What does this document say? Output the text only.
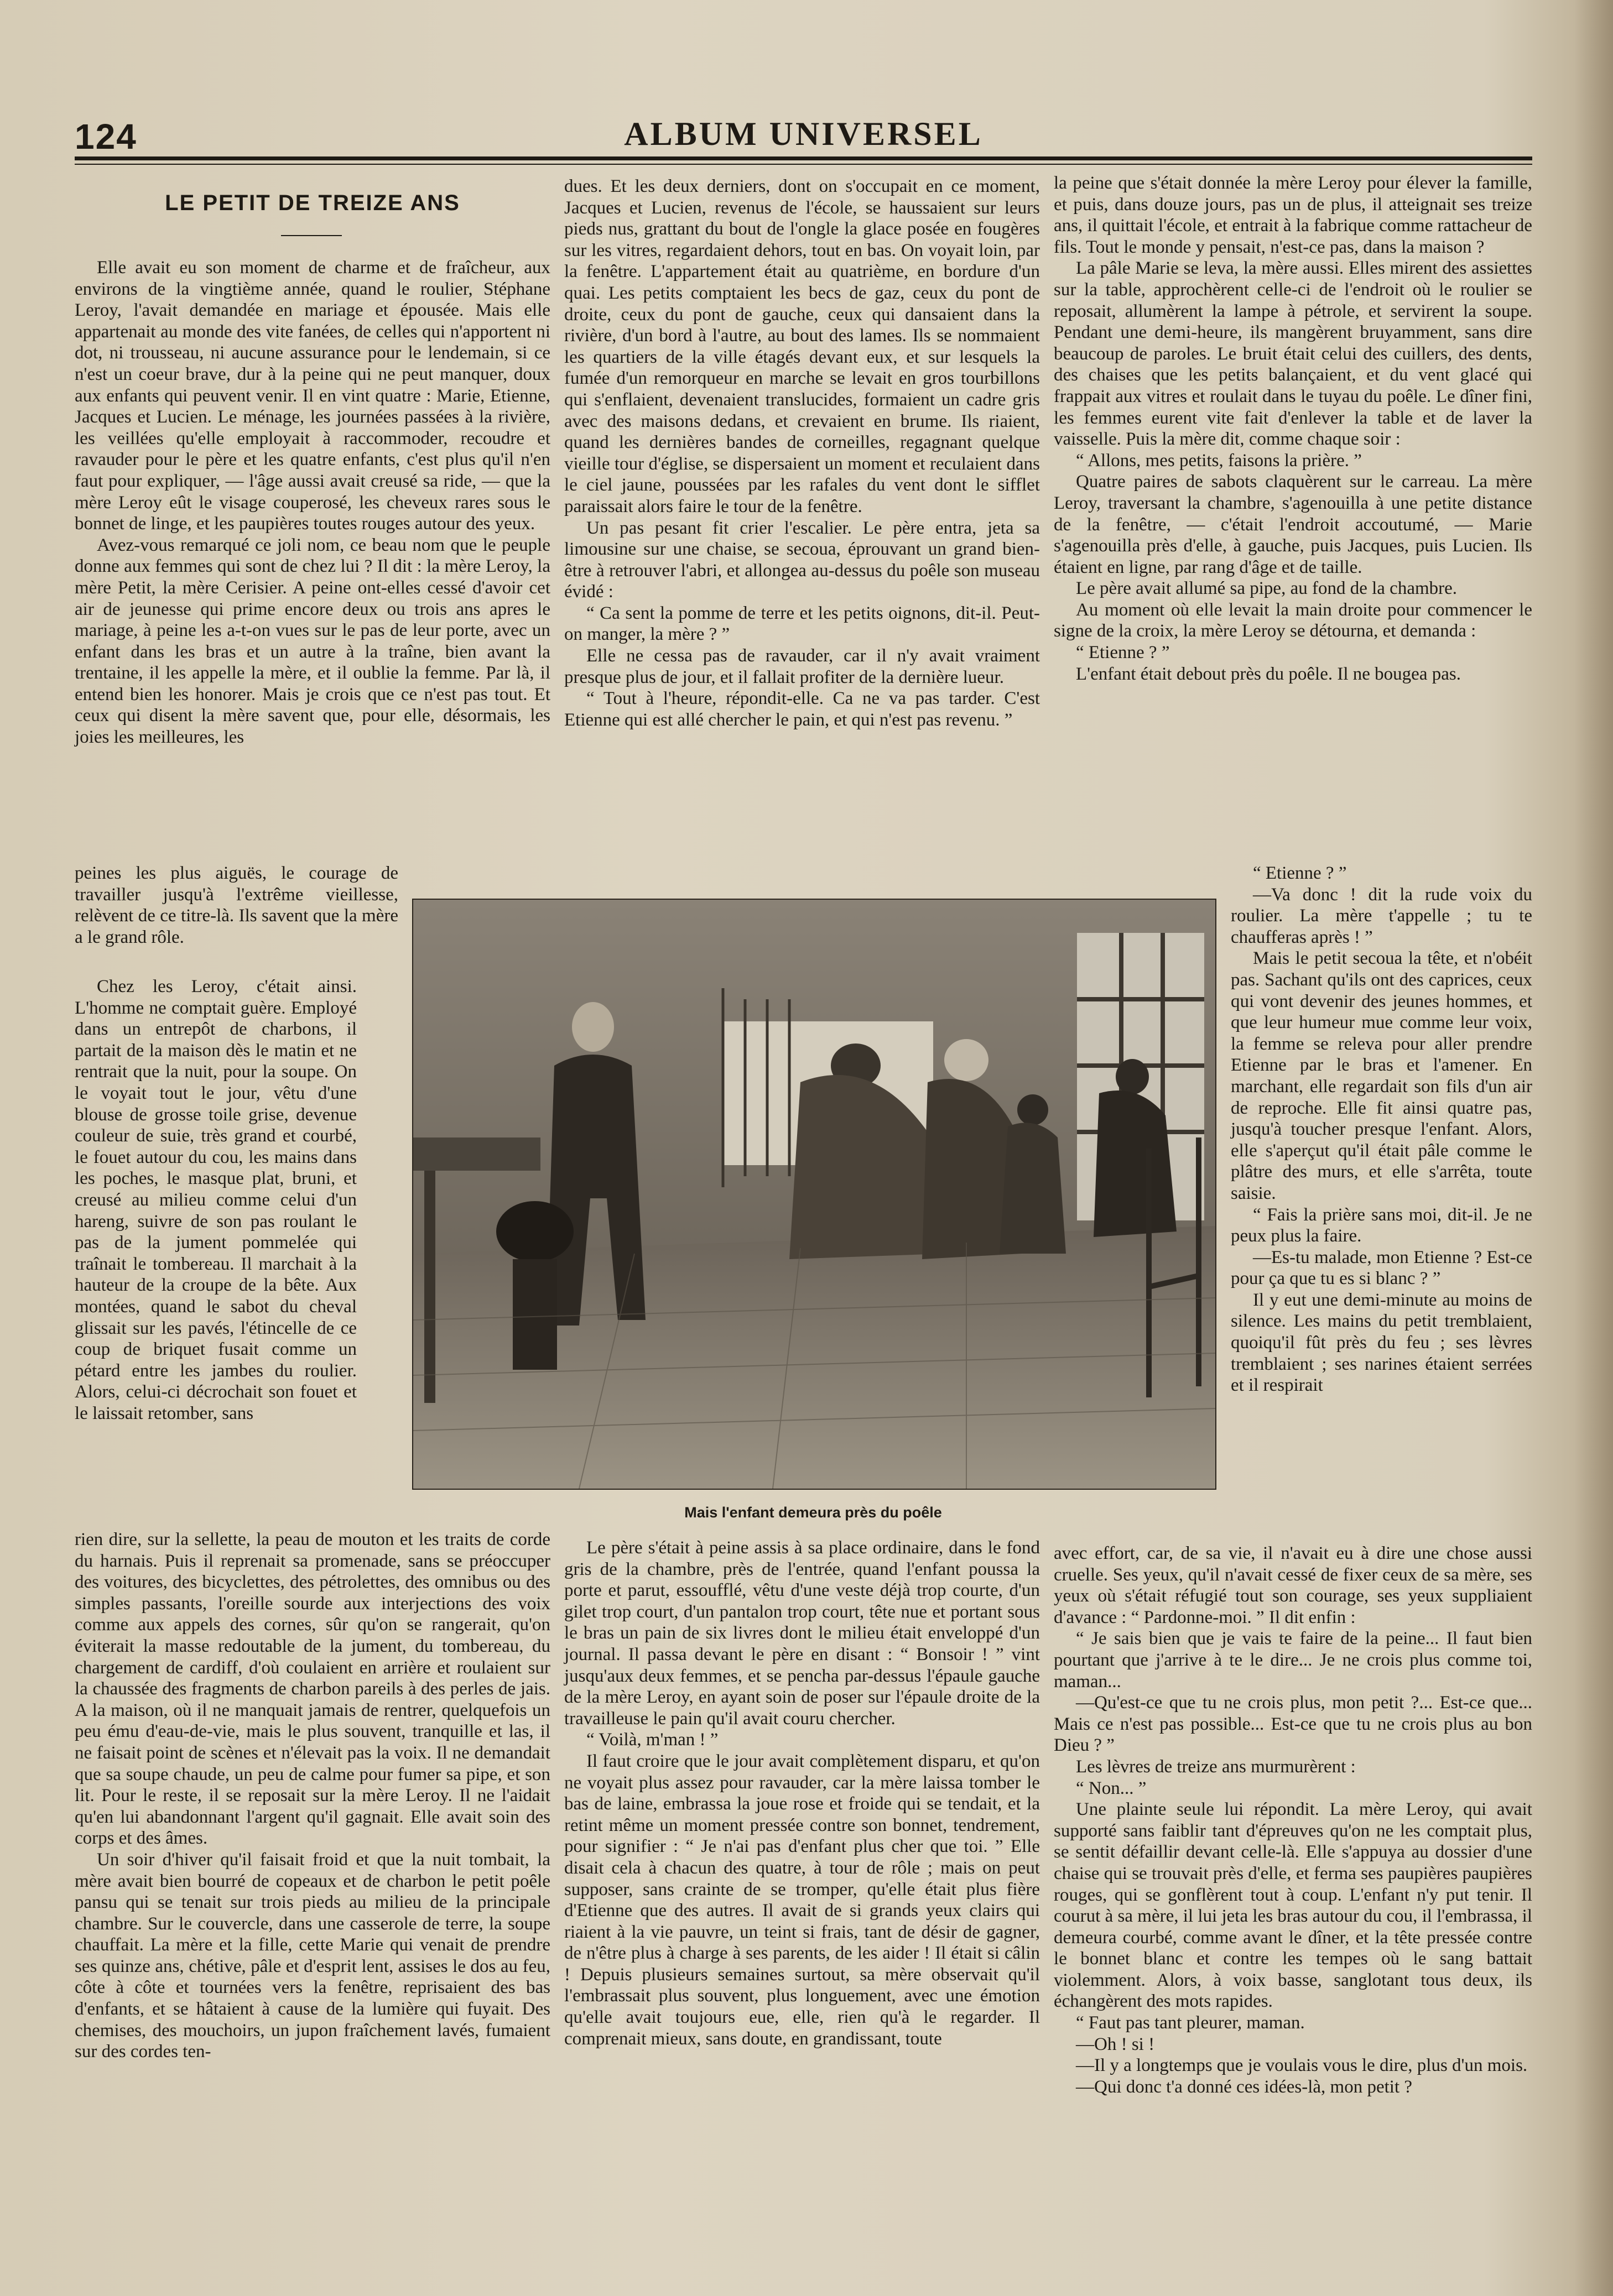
124	ALBUM UNIVERSEL
LE PETIT DE TREIZE ANS

Elle avait eu son moment de charme et de fraîcheur, aux environs de la vingtième année, quand le roulier, Stéphane Leroy, l'avait demandée en mariage et épousée. Mais elle appartenait au monde des vite fanées, de celles qui n'apportent ni dot, ni trousseau, ni aucune assurance pour le lendemain, si ce n'est un coeur brave, dur à la peine qui ne peut manquer, doux aux enfants qui peuvent venir. Il en vint quatre : Marie, Etienne, Jacques et Lucien. Le ménage, les journées passées à la rivière, les veillées qu'elle employait à raccommoder, recoudre et ravauder pour le père et les quatre enfants, c'est plus qu'il n'en faut pour expliquer, — l'âge aussi avait creusé sa ride, — que la mère Leroy eût le visage couperosé, les cheveux rares sous le bonnet de linge, et les paupières toutes rouges autour des yeux.

Avez-vous remarqué ce joli nom, ce beau nom que le peuple donne aux femmes qui sont de chez lui ? Il dit : la mère Leroy, la mère Petit, la mère Cerisier. A peine ont-elles cessé d'avoir cet air de jeunesse qui prime encore deux ou trois ans apres le mariage, à peine les a-t-on vues sur le pas de leur porte, avec un enfant dans les bras et un autre à la traîne, bien avant la trentaine, il les appelle la mère, et il oublie la femme. Par là, il entend bien les honorer. Mais je crois que ce n'est pas tout. Et ceux qui disent la mère savent que, pour elle, désormais, les joies les meilleures, les

dues. Et les deux derniers, dont on s'occupait en ce moment, Jacques et Lucien, revenus de l'école, se haussaient sur leurs pieds nus, grattant du bout de l'ongle la glace posée en fougères sur les vitres, regardaient dehors, tout en bas. On voyait loin, par la fenêtre. L'appartement était au quatrième, en bordure d'un quai. Les petits comptaient les becs de gaz, ceux du pont de droite, ceux du pont de gauche, ceux qui dansaient dans la rivière, d'un bord à l'autre, au bout des lames. Ils se nommaient les quartiers de la ville étagés devant eux, et sur lesquels la fumée d'un remorqueur en marche se levait en gros tourbillons qui s'enflaient, devenaient translucides, formaient un cadre gris avec des maisons dedans, et crevaient en brume. Ils riaient, quand les dernières bandes de corneilles, regagnant quelque vieille tour d'église, se dispersaient un moment et reculaient dans le ciel jaune, poussées par les rafales du vent dont le sifflet paraissait alors faire le tour de la fenêtre.

Un pas pesant fit crier l'escalier. Le père entra, jeta sa limousine sur une chaise, se secoua, éprouvant un grand bien-être à retrouver l'abri, et allongea au-dessus du poêle son museau évidé :

“ Ca sent la pomme de terre et les petits oignons, dit-il. Peut-on manger, la mère ? ”

Elle ne cessa pas de ravauder, car il n'y avait vraiment presque plus de jour, et il fallait profiter de la dernière lueur.

“ Tout à l'heure, répondit-elle. Ca ne va pas tarder. C'est Etienne qui est allé chercher le pain, et qui n'est pas revenu. ”

la peine que s'était donnée la mère Leroy pour élever la famille, et puis, dans douze jours, pas un de plus, il atteignait ses treize ans, il quittait l'école, et entrait à la fabrique comme rattacheur de fils. Tout le monde y pensait, n'est-ce pas, dans la maison ?

La pâle Marie se leva, la mère aussi. Elles mirent des assiettes sur la table, approchèrent celle-ci de l'endroit où le roulier se reposait, allumèrent la lampe à pétrole, et servirent la soupe. Pendant une demi-heure, ils mangèrent bruyamment, sans dire beaucoup de paroles. Le bruit était celui des cuillers, des dents, des chaises que les petits balançaient, et du vent glacé qui frappait aux vitres et roulait dans le tuyau du poêle. Le dîner fini, les femmes eurent vite fait d'enlever la table et de laver la vaisselle. Puis la mère dit, comme chaque soir :

“ Allons, mes petits, faisons la prière. ”

Quatre paires de sabots claquèrent sur le carreau. La mère Leroy, traversant la chambre, s'agenouilla à une petite distance de la fenêtre, — c'était l'endroit accoutumé, — Marie s'agenouilla près d'elle, à gauche, puis Jacques, puis Lucien. Ils étaient en ligne, par rang d'âge et de taille.

Le père avait allumé sa pipe, au fond de la chambre.

Au moment où elle levait la main droite pour commencer le signe de la croix, la mère Leroy se détourna, et demanda :

“ Etienne ? ”

L'enfant était debout près du poêle. Il ne bougea pas.

peines les plus aiguës, le courage de travailler jusqu'à l'extrême vieillesse, relèvent de ce titre-là. Ils savent que la mère a le grand rôle.

Chez les Leroy, c'était ainsi. L'homme ne comptait guère. Employé dans un entrepôt de charbons, il partait de la maison dès le matin et ne rentrait que la nuit, pour la soupe. On le voyait tout le jour, vêtu d'une blouse de grosse toile grise, devenue couleur de suie, très grand et courbé, le fouet autour du cou, les mains dans les poches, le masque plat, bruni, et creusé au milieu comme celui d'un hareng, suivre de son pas roulant le pas de la jument pommelée qui traînait le tombereau. Il marchait à la hauteur de la croupe de la bête. Aux montées, quand le sabot du cheval glissait sur les pavés, l'étincelle de ce coup de briquet fusait comme un pétard entre les jambes du roulier. Alors, celui-ci décrochait son fouet et le laissait retomber, sans

“ Etienne ? ”

—Va donc ! dit la rude voix du roulier. La mère t'appelle ; tu te chaufferas après ! ”

Mais le petit secoua la tête, et n'obéit pas. Sachant qu'ils ont des caprices, ceux qui vont devenir des jeunes hommes, et que leur humeur mue comme leur voix, la femme se releva pour aller prendre Etienne par le bras et l'amener. En marchant, elle regardait son fils d'un air de reproche. Elle fit ainsi quatre pas, jusqu'à toucher presque l'enfant. Alors, elle s'aperçut qu'il était pâle comme le plâtre des murs, et elle s'arrêta, toute saisie.

“ Fais la prière sans moi, dit-il. Je ne peux plus la faire.

—Es-tu malade, mon Etienne ? Est-ce pour ça que tu es si blanc ? ”

Il y eut une demi-minute au moins de silence. Les mains du petit tremblaient, quoiqu'il fût près du feu ; ses lèvres tremblaient ; ses narines étaient serrées et il respirait

Mais l'enfant demeura près du poêle

rien dire, sur la sellette, la peau de mouton et les traits de corde du harnais. Puis il reprenait sa promenade, sans se préoccuper des voitures, des bicyclettes, des pétrolettes, des omnibus ou des simples passants, l'oreille sourde aux interjections des voix comme aux appels des cornes, sûr qu'on se rangerait, qu'on éviterait la masse redoutable de la jument, du tombereau, du chargement de cardiff, d'où coulaient en arrière et roulaient sur la chaussée des fragments de charbon pareils à des perles de jais. A la maison, où il ne manquait jamais de rentrer, quelquefois un peu ému d'eau-de-vie, mais le plus souvent, tranquille et las, il ne faisait point de scènes et n'élevait pas la voix. Il ne demandait que sa soupe chaude, un peu de calme pour fumer sa pipe, et son lit. Pour le reste, il se reposait sur la mère Leroy. Il ne l'aidait qu'en lui abandonnant l'argent qu'il gagnait. Elle avait soin des corps et des âmes.

Un soir d'hiver qu'il faisait froid et que la nuit tombait, la mère avait bien bourré de copeaux et de charbon le petit poêle pansu qui se tenait sur trois pieds au milieu de la principale chambre. Sur le couvercle, dans une casserole de terre, la soupe chauffait. La mère et la fille, cette Marie qui venait de prendre ses quinze ans, chétive, pâle et d'esprit lent, assises le dos au feu, côte à côte et tournées vers la fenêtre, reprisaient des bas d'enfants, et se hâtaient à cause de la lumière qui fuyait. Des chemises, des mouchoirs, un jupon fraîchement lavés, fumaient sur des cordes ten-

Le père s'était à peine assis à sa place ordinaire, dans le fond gris de la chambre, près de l'entrée, quand l'enfant poussa la porte et parut, essoufflé, vêtu d'une veste déjà trop courte, d'un gilet trop court, d'un pantalon trop court, tête nue et portant sous le bras un pain de six livres dont le milieu était enveloppé d'un journal. Il passa devant le père en disant : “ Bonsoir ! ” vint jusqu'aux deux femmes, et se pencha par-dessus l'épaule gauche de la mère Leroy, en ayant soin de poser sur l'épaule droite de la travailleuse le pain qu'il avait couru chercher.

“ Voilà, m'man ! ”

Il faut croire que le jour avait complètement disparu, et qu'on ne voyait plus assez pour ravauder, car la mère laissa tomber le bas de laine, embrassa la joue rose et froide qui se tendait, et la retint même un moment pressée contre son bonnet, tendrement, pour signifier : “ Je n'ai pas d'enfant plus cher que toi. ” Elle disait cela à chacun des quatre, à tour de rôle ; mais on peut supposer, sans crainte de se tromper, qu'elle était plus fière d'Etienne que des autres. Il avait de si grands yeux clairs qui riaient à la vie pauvre, un teint si frais, tant de désir de gagner, de n'être plus à charge à ses parents, de les aider ! Il était si câlin ! Depuis plusieurs semaines surtout, sa mère observait qu'il l'embrassait plus souvent, plus longuement, avec une émotion qu'elle avait toujours eue, elle, rien qu'à le regarder. Il comprenait mieux, sans doute, en grandissant, toute

avec effort, car, de sa vie, il n'avait eu à dire une chose aussi cruelle. Ses yeux, qu'il n'avait cessé de fixer ceux de sa mère, ses yeux où s'était réfugié tout son courage, ses yeux suppliaient d'avance : “ Pardonne-moi. ” Il dit enfin :

“ Je sais bien que je vais te faire de la peine... Il faut bien pourtant que j'arrive à te le dire... Je ne crois plus comme toi, maman...

—Qu'est-ce que tu ne crois plus, mon petit ?... Est-ce que... Mais ce n'est pas possible... Est-ce que tu ne crois plus au bon Dieu ? ”

Les lèvres de treize ans murmurèrent :

“ Non... ”

Une plainte seule lui répondit. La mère Leroy, qui avait supporté sans faiblir tant d'épreuves qu'on ne les comptait plus, se sentit défaillir devant celle-là. Elle s'appuya au dossier d'une chaise qui se trouvait près d'elle, et ferma ses paupières paupières rouges, qui se gonflèrent tout à coup. L'enfant n'y put tenir. Il courut à sa mère, il lui jeta les bras autour du cou, il l'embrassa, il demeura courbé, comme avant le dîner, et la tête pressée contre le bonnet blanc et contre les tempes où le sang battait violemment. Alors, à voix basse, sanglotant tous deux, ils échangèrent des mots rapides.

“ Faut pas tant pleurer, maman.

—Oh ! si !

—Il y a longtemps que je voulais vous le dire, plus d'un mois.

—Qui donc t'a donné ces idées-là, mon petit ?
